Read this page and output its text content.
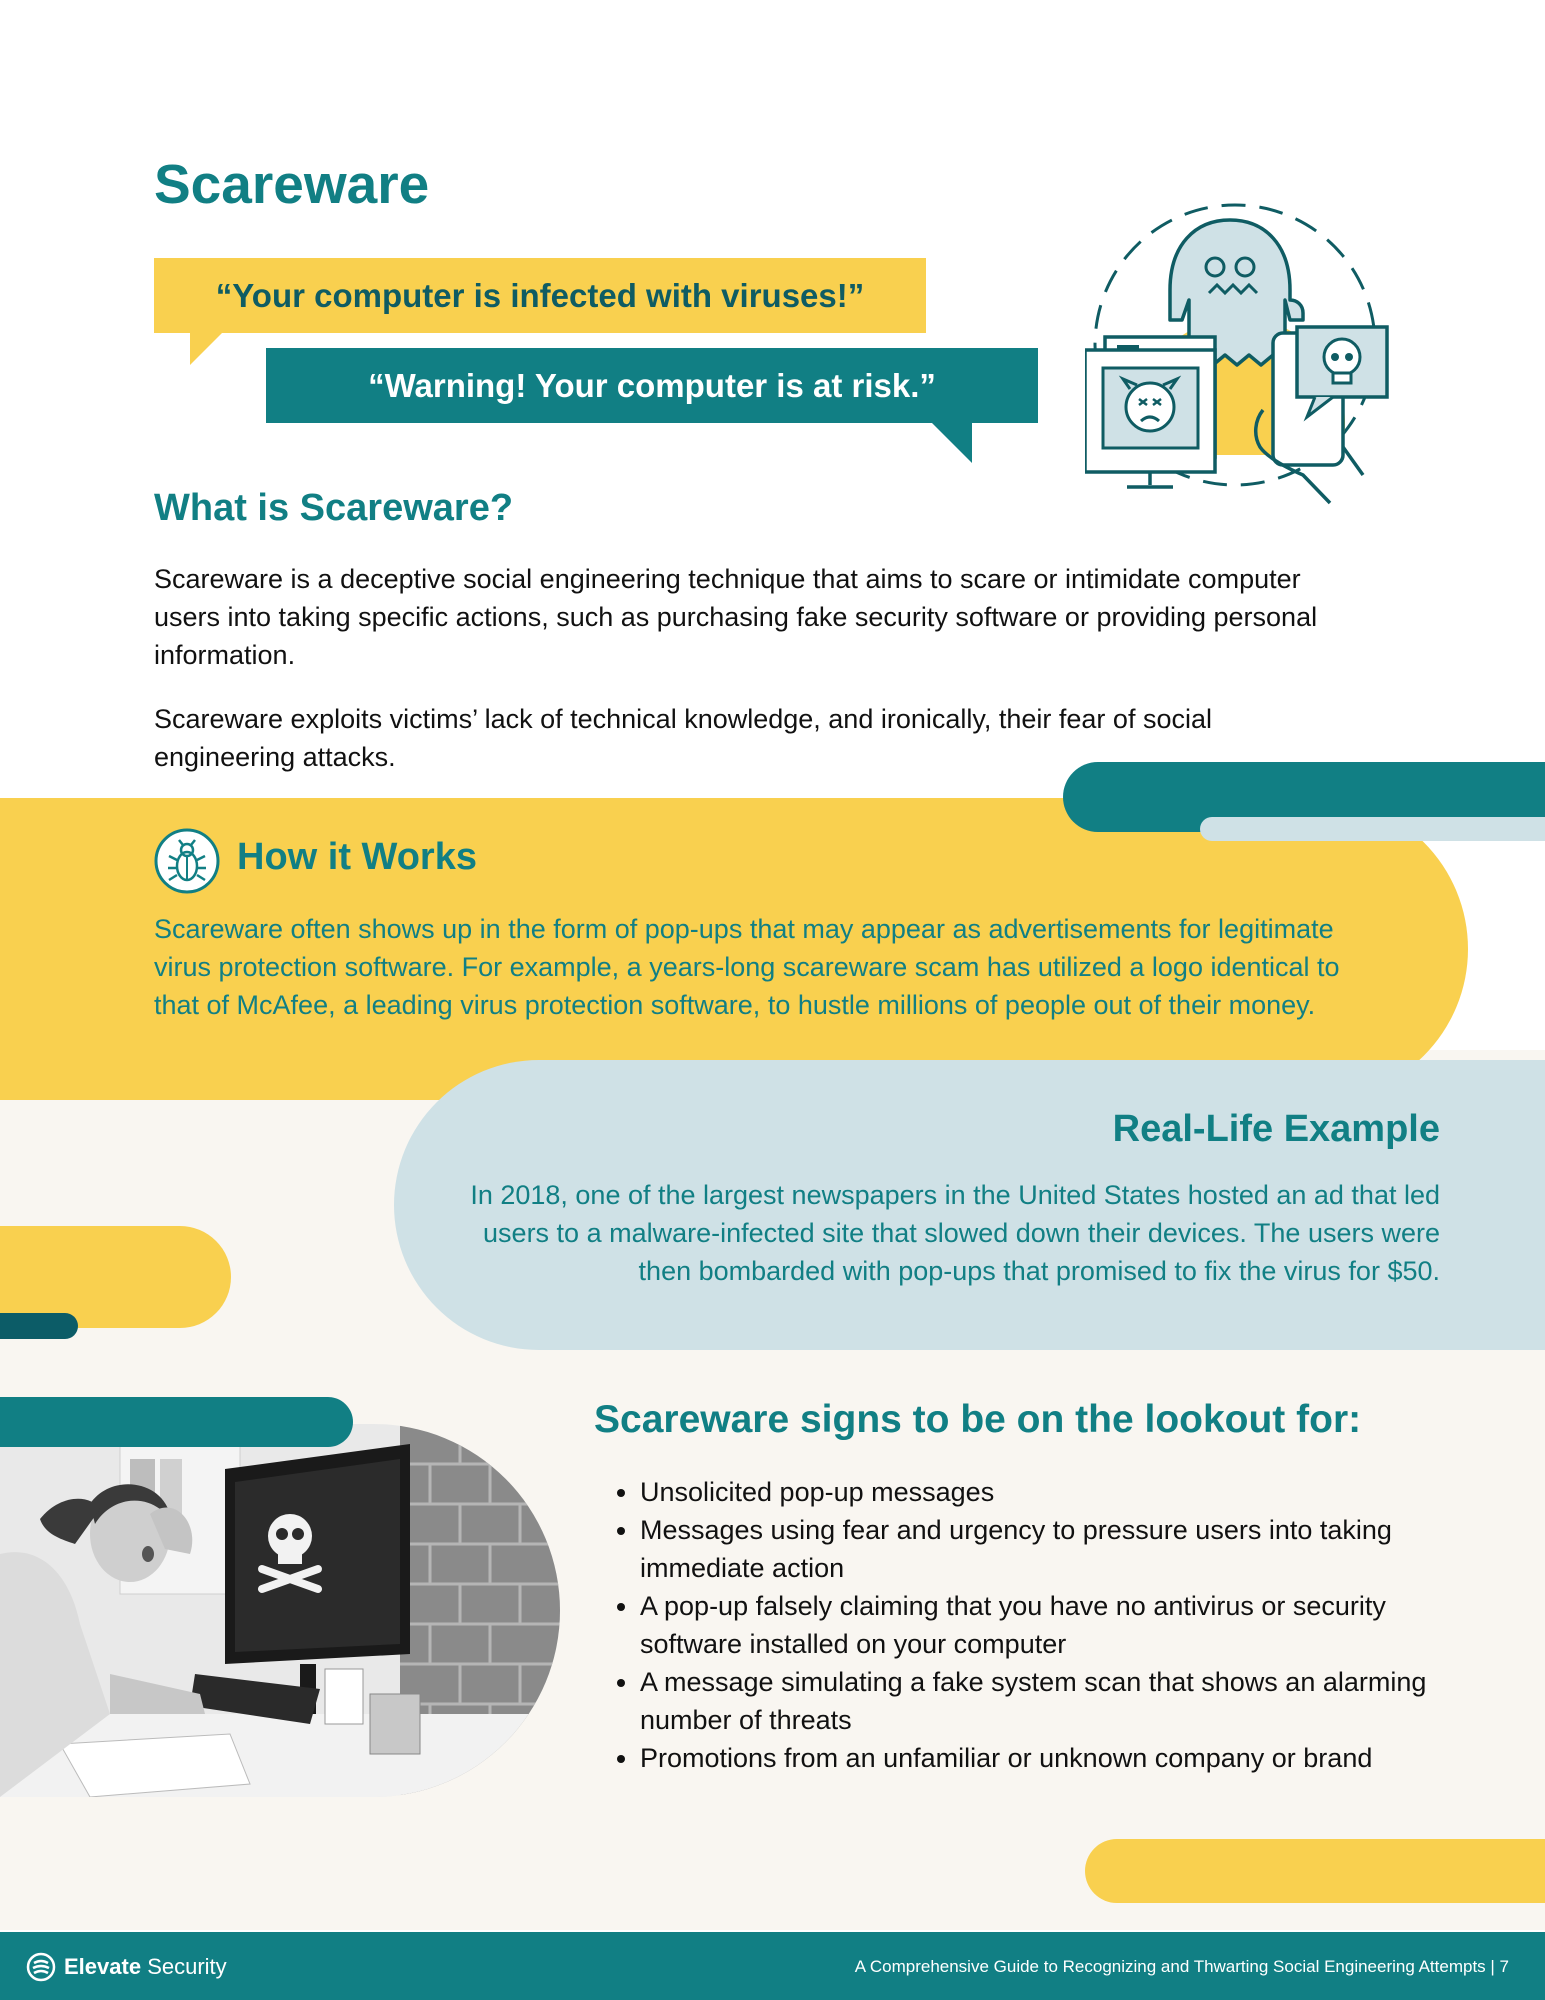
Scareware
“Your computer is infected with viruses!”
“Warning! Your computer is at risk.”
What is Scareware?

Scareware is a deceptive social engineering technique that aims to scare or intimidate computer users into taking specific actions, such as purchasing fake security software or providing personal information.

Scareware exploits victims’ lack of technical knowledge, and ironically, their fear of social engineering attacks.

How it Works

Scareware often shows up in the form of pop-ups that may appear as advertisements for legitimate virus protection software. For example, a years-long scareware scam has utilized a logo identical to that of McAfee, a leading virus protection software, to hustle millions of people out of their money.

Real-Life Example

In 2018, one of the largest newspapers in the United States hosted an ad that led users to a malware-infected site that slowed down their devices. The users were then bombarded with pop-ups that promised to fix the virus for $50.

Scareware signs to be on the lookout for:
• Unsolicited pop-up messages
• Messages using fear and urgency to pressure users into taking immediate action
• A pop-up falsely claiming that you have no antivirus or security software installed on your computer
• A message simulating a fake system scan that shows an alarming number of threats
• Promotions from an unfamiliar or unknown company or brand
Elevate Security	A Comprehensive Guide to Recognizing and Thwarting Social Engineering Attempts | 7
